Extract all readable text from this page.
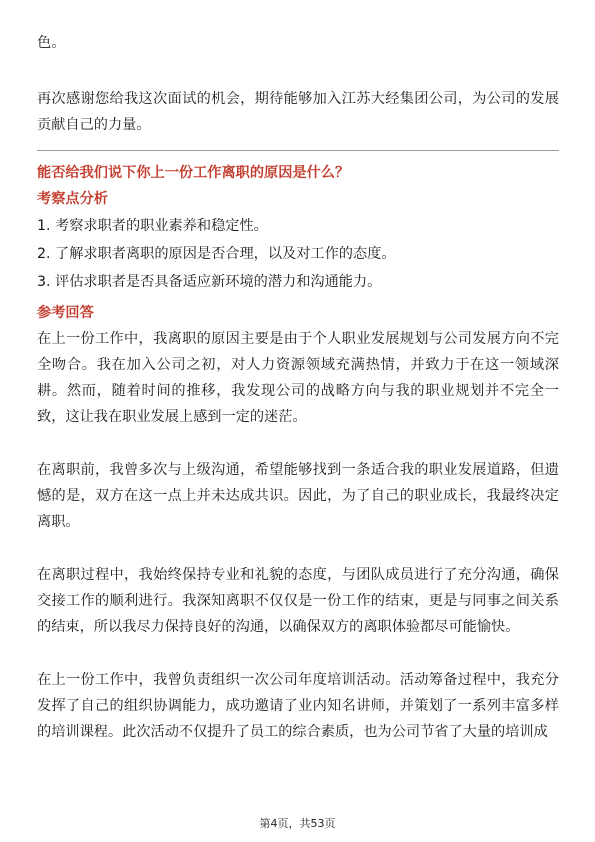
色。

再次感谢您给我这次面试的机会，期待能够加入江苏大经集团公司，为公司的发展贡献自己的力量。

能否给我们说下你上一份工作离职的原因是什么？
考察点分析
1. 考察求职者的职业素养和稳定性。
2. 了解求职者离职的原因是否合理，以及对工作的态度。
3. 评估求职者是否具备适应新环境的潜力和沟通能力。
参考回答

在上一份工作中，我离职的原因主要是由于个人职业发展规划与公司发展方向不完全吻合。我在加入公司之初，对人力资源领域充满热情，并致力于在这一领域深耕。然而，随着时间的推移，我发现公司的战略方向与我的职业规划并不完全一致，这让我在职业发展上感到一定的迷茫。

在离职前，我曾多次与上级沟通，希望能够找到一条适合我的职业发展道路，但遗憾的是，双方在这一点上并未达成共识。因此，为了自己的职业成长，我最终决定离职。

在离职过程中，我始终保持专业和礼貌的态度，与团队成员进行了充分沟通，确保交接工作的顺利进行。我深知离职不仅仅是一份工作的结束，更是与同事之间关系的结束，所以我尽力保持良好的沟通，以确保双方的离职体验都尽可能愉快。

在上一份工作中，我曾负责组织一次公司年度培训活动。活动筹备过程中，我充分发挥了自己的组织协调能力，成功邀请了业内知名讲师，并策划了一系列丰富多样的培训课程。此次活动不仅提升了员工的综合素质，也为公司节省了大量的培训成

第4页，共53页
